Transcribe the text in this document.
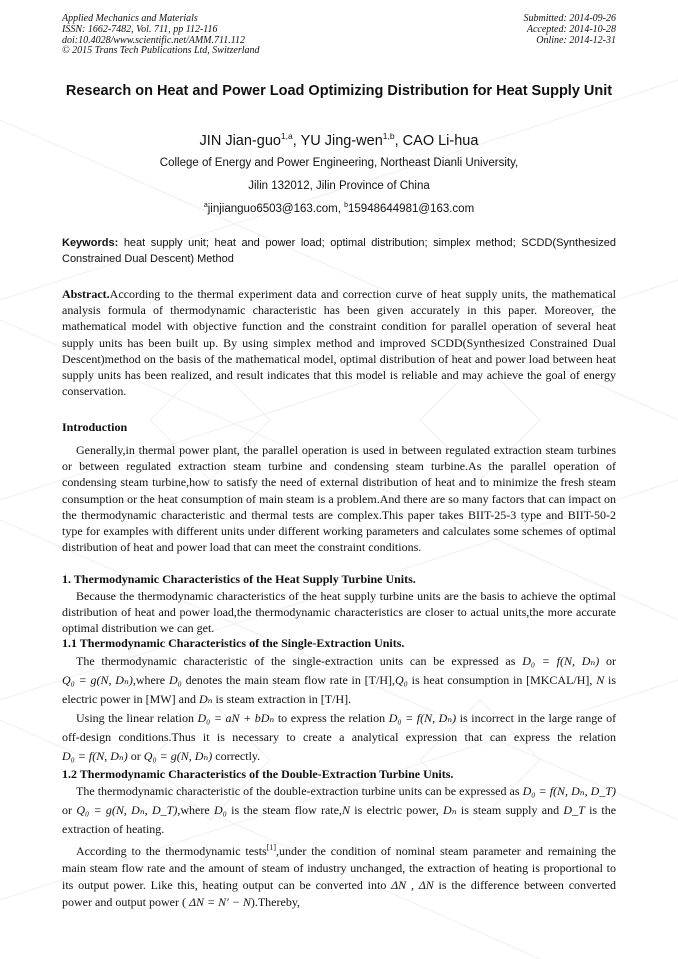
Applied Mechanics and Materials
ISSN: 1662-7482, Vol. 711, pp 112-116
doi:10.4028/www.scientific.net/AMM.711.112
© 2015 Trans Tech Publications Ltd, Switzerland
Submitted: 2014-09-26
Accepted: 2014-10-28
Online: 2014-12-31
Research on Heat and Power Load Optimizing Distribution for Heat Supply Unit
JIN Jian-guo$^{1,a}$, YU Jing-wen$^{1,b}$, CAO Li-hua
College of Energy and Power Engineering, Northeast Dianli University,
Jilin 132012, Jilin Province of China
$^a$jinjianguo6503@163.com, $^b$15948644981@163.com
Keywords: heat supply unit; heat and power load; optimal distribution; simplex method; SCDD(Synthesized Constrained Dual Descent) Method
Abstract.According to the thermal experiment data and correction curve of heat supply units, the mathematical analysis formula of thermodynamic characteristic has been given accurately in this paper. Moreover, the mathematical model with objective function and the constraint condition for parallel operation of several heat supply units has been built up. By using simplex method and improved SCDD(Synthesized Constrained Dual Descent)method on the basis of the mathematical model, optimal distribution of heat and power load between heat supply units has been realized, and result indicates that this model is reliable and may achieve the goal of energy conservation.
Introduction
Generally,in thermal power plant, the parallel operation is used in between regulated extraction steam turbines or between regulated extraction steam turbine and condensing steam turbine.As the parallel operation of condensing steam turbine,how to satisfy the need of external distribution of heat and to minimize the fresh steam consumption or the heat consumption of main steam is a problem.And there are so many factors that can impact on the thermodynamic characteristic and thermal tests are complex.This paper takes BIIT-25-3 type and BIIT-50-2 type for examples with different units under different working parameters and calculates some schemes of optimal distribution of heat and power load that can meet the constraint conditions.
1. Thermodynamic Characteristics of the Heat Supply Turbine Units.
Because the thermodynamic characteristics of the heat supply turbine units are the basis to achieve the optimal distribution of heat and power load,the thermodynamic characteristics are closer to actual units,the more accurate optimal distribution we can get.
1.1 Thermodynamic Characteristics of the Single-Extraction Units.
The thermodynamic characteristic of the single-extraction units can be expressed as D₀ = f(N, Dₙ) or Q₀ = g(N, Dₙ),where D₀ denotes the main steam flow rate in [T/H],Q₀ is heat consumption in [MKCAL/H], N is electric power in [MW] and Dₙ is steam extraction in [T/H].
Using the linear relation D₀ = aN + bDₙ to express the relation D₀ = f(N, Dₙ) is incorrect in the large range of off-design conditions.Thus it is necessary to create a analytical expression that can express the relation D₀ = f(N, Dₙ) or Q₀ = g(N, Dₙ) correctly.
1.2 Thermodynamic Characteristics of the Double-Extraction Turbine Units.
The thermodynamic characteristic of the double-extraction turbine units can be expressed as D₀ = f(N, Dₙ, D_T) or Q₀ = g(N, Dₙ, D_T),where D₀ is the steam flow rate,N is electric power, Dₙ is steam supply and D_T is the extraction of heating.
According to the thermodynamic tests[1],under the condition of nominal steam parameter and remaining the main steam flow rate and the amount of steam of industry unchanged, the extraction of heating is proportional to its output power. Like this, heating output can be converted into ΔN , ΔN is the difference between converted power and output power ( ΔN = N′ − N).Thereby,
